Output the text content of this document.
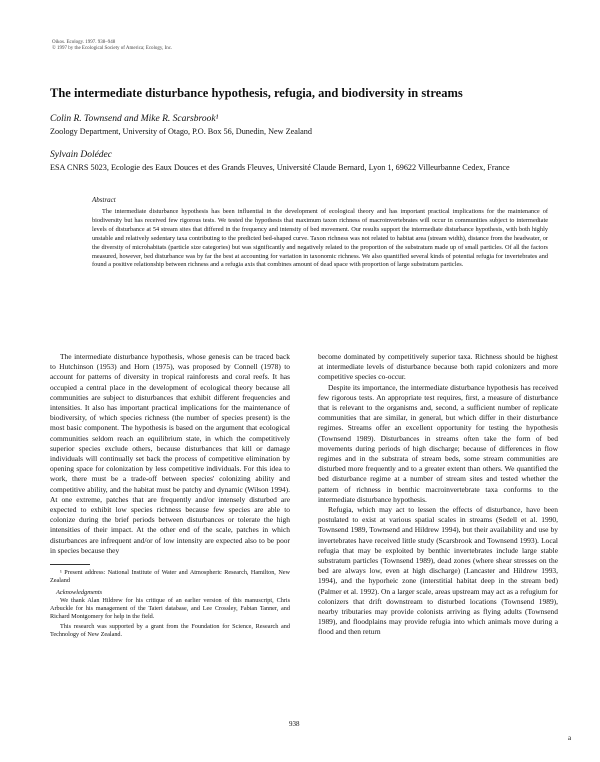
Oikos. Ecology. 1997. 938–948
© 1997 by the Ecological Society of America; Ecology, Inc.
The intermediate disturbance hypothesis, refugia, and biodiversity in streams
Colin R. Townsend and Mike R. Scarsbrook¹
Zoology Department, University of Otago, P.O. Box 56, Dunedin, New Zealand
Sylvain Dolédec
ESA CNRS 5023, Ecologie des Eaux Douces et des Grands Fleuves, Université Claude Bernard, Lyon 1, 69622 Villeurbanne Cedex, France
Abstract
The intermediate disturbance hypothesis has been influential in the development of ecological theory and has important practical implications for the maintenance of biodiversity but has received few rigorous tests. We tested the hypothesis that maximum taxon richness of macroinvertebrates will occur in communities subject to intermediate levels of disturbance at 54 stream sites that differed in the frequency and intensity of bed movement. Our results support the intermediate disturbance hypothesis, with both highly unstable and relatively sedentary taxa contributing to the predicted bed-shaped curve. Taxon richness was not related to habitat area (stream width), distance from the headwater, or the diversity of microhabitats (particle size categories) but was significantly and negatively related to the proportion of the substratum made up of small particles. Of all the factors measured, however, bed disturbance was by far the best at accounting for variation in taxonomic richness. We also quantified several kinds of potential refugia for invertebrates and found a positive relationship between richness and a refugia axis that combines amount of dead space with proportion of large substratum particles.

The intermediate disturbance hypothesis, whose genesis can be traced back to Hutchinson (1953) and Horn (1975), was proposed by Connell (1978) to account for patterns of diversity in tropical rainforests and coral reefs. It has occupied a central place in the development of ecological theory because all communities are subject to disturbances that exhibit different frequencies and intensities. It also has important practical implications for the maintenance of biodiversity, of which species richness (the number of species present) is the most basic component. The hypothesis is based on the argument that ecological communities seldom reach an equilibrium state, in which the competitively superior species exclude others, because disturbances that kill or damage individuals will continually set back the process of competitive elimination by opening space for colonization by less competitive individuals. For this idea to work, there must be a trade-off between species' colonizing ability and competitive ability, and the habitat must be patchy and dynamic (Wilson 1994). At one extreme, patches that are frequently and/or intensely disturbed are expected to exhibit low species richness because few species are able to colonize during the brief periods between disturbances or tolerate the high intensities of their impact. At the other end of the scale, patches in which disturbances are infrequent and/or of low intensity are expected also to be poor in species because they

¹ Present address: National Institute of Water and Atmospheric Research, Hamilton, New Zealand

Acknowledgments

We thank Alan Hildrew for his critique of an earlier version of this manuscript, Chris Arbuckle for his management of the Taieri database, and Lee Crossley, Fabian Tanner, and Richard Montgomery for help in the field.

This research was supported by a grant from the Foundation for Science, Research and Technology of New Zealand.

become dominated by competitively superior taxa. Richness should be highest at intermediate levels of disturbance because both rapid colonizers and more competitive species co-occur.

Despite its importance, the intermediate disturbance hypothesis has received few rigorous tests. An appropriate test requires, first, a measure of disturbance that is relevant to the organisms and, second, a sufficient number of replicate communities that are similar, in general, but which differ in their disturbance regimes. Streams offer an excellent opportunity for testing the hypothesis (Townsend 1989). Disturbances in streams often take the form of bed movements during periods of high discharge; because of differences in flow regimes and in the substrata of stream beds, some stream communities are disturbed more frequently and to a greater extent than others. We quantified the bed disturbance regime at a number of stream sites and tested whether the pattern of richness in benthic macroinvertebrate taxa conforms to the intermediate disturbance hypothesis.

Refugia, which may act to lessen the effects of disturbance, have been postulated to exist at various spatial scales in streams (Sedell et al. 1990, Townsend 1989, Townsend and Hildrew 1994), but their availability and use by invertebrates have received little study (Scarsbrook and Townsend 1993). Local refugia that may be exploited by benthic invertebrates include large stable substratum particles (Townsend 1989), dead zones (where shear stresses on the bed are always low, even at high discharge) (Lancaster and Hildrew 1993, 1994), and the hyporheic zone (interstitial habitat deep in the stream bed) (Palmer et al. 1992). On a larger scale, areas upstream may act as a refugium for colonizers that drift downstream to disturbed locations (Townsend 1989), nearby tributaries may provide colonists arriving as flying adults (Townsend 1989), and floodplains may provide refugia into which animals move during a flood and then return

938
a
